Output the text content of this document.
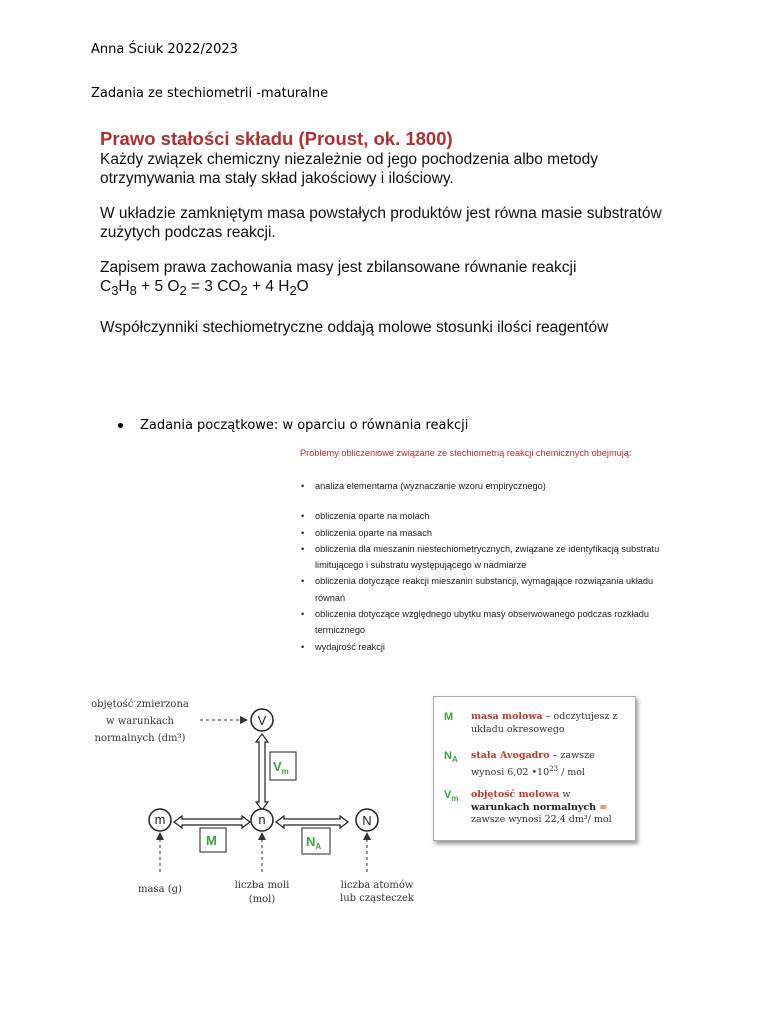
Anna Ściuk 2022/2023
Zadania ze stechiometrii -maturalne

Prawo stałości składu (Proust, ok. 1800)

Każdy związek chemiczny niezależnie od jego pochodzenia albo metody

otrzymywania ma stały skład jakościowy i ilościowy.

W układzie zamkniętym masa powstałych produktów jest równa masie substratów

zużytych podczas reakcji.

Zapisem prawa zachowania masy jest zbilansowane równanie reakcji

$C_3H_8 + 5$ $O_2 = 3$ $CO_2 + 4$ $H_2O$

Współczynniki stechiometryczne oddają molowe stosunki ilości reagentów

Zadania początkowe: w oparciu o równania reakcji
Problemy obliczeniowe związane ze stechiometrią reakcji chemicznych obejmują:
• analiza elementarna (wyznaczanie wzoru empirycznego)
• obliczenia oparte na molach
• obliczenia oparte na masach
• obliczenia dla mieszanin niestechiometrycznych, związane ze identyfikacją substratu limitującego i substratu występującego w nadmiarze
• obliczenia dotyczące reakcji mieszanin substancji, wymagające rozwiązania układu równań
• obliczenia dotyczące względnego ubytku masy obserwowanego podczas rozkładu termicznego
• wydajrość reakcji
objętość zmierzona
w warunkach
normalnych (dm³)
V
m	n	N
$V_m$
M	$N_A$
masa (g)	liczba moli
(mol)
liczba atomów
lub cząsteczek
M masa molowa – odczytujesz z układu okresowego
$N_A$ stała Avogadro – zawsze
wynosi 6,02 $•10^{23}$ / mol
$V_m$ objętość molowa w
warunkach normalnych =
zawsze wynosi 22,4 dm³/ mol
